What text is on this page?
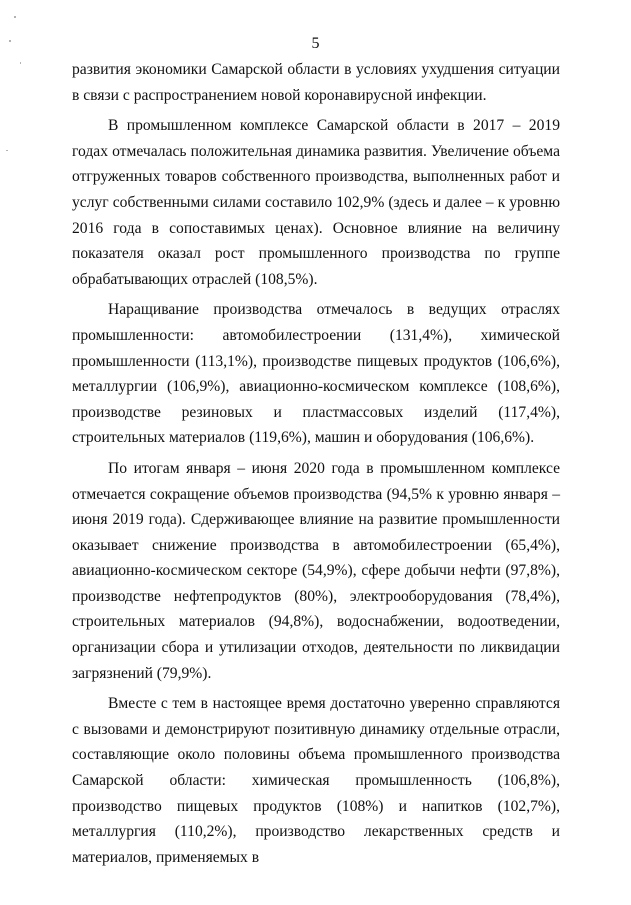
5

развития экономики Самарской области в условиях ухудшения ситуации в связи с распространением новой коронавирусной инфекции.

В промышленном комплексе Самарской области в 2017 – 2019 годах отмечалась положительная динамика развития. Увеличение объема отгруженных товаров собственного производства, выполненных работ и услуг собственными силами составило 102,9% (здесь и далее – к уровню 2016 года в сопоставимых ценах). Основное влияние на величину показателя оказал рост промышленного производства по группе обрабатывающих отраслей (108,5%).

Наращивание производства отмечалось в ведущих отраслях промышленности: автомобилестроении (131,4%), химической промышленности (113,1%), производстве пищевых продуктов (106,6%), металлургии (106,9%), авиационно-космическом комплексе (108,6%), производстве резиновых и пластмассовых изделий (117,4%), строительных материалов (119,6%), машин и оборудования (106,6%).

По итогам января – июня 2020 года в промышленном комплексе отмечается сокращение объемов производства (94,5% к уровню января – июня 2019 года). Сдерживающее влияние на развитие промышленности оказывает снижение производства в автомобилестроении (65,4%), авиационно-космическом секторе (54,9%), сфере добычи нефти (97,8%), производстве нефтепродуктов (80%), электрооборудования (78,4%), строительных материалов (94,8%), водоснабжении, водоотведении, организации сбора и утилизации отходов, деятельности по ликвидации загрязнений (79,9%).

Вместе с тем в настоящее время достаточно уверенно справляются с вызовами и демонстрируют позитивную динамику отдельные отрасли, составляющие около половины объема промышленного производства Самарской области: химическая промышленность (106,8%), производство пищевых продуктов (108%) и напитков (102,7%), металлургия (110,2%), производство лекарственных средств и материалов, применяемых в
